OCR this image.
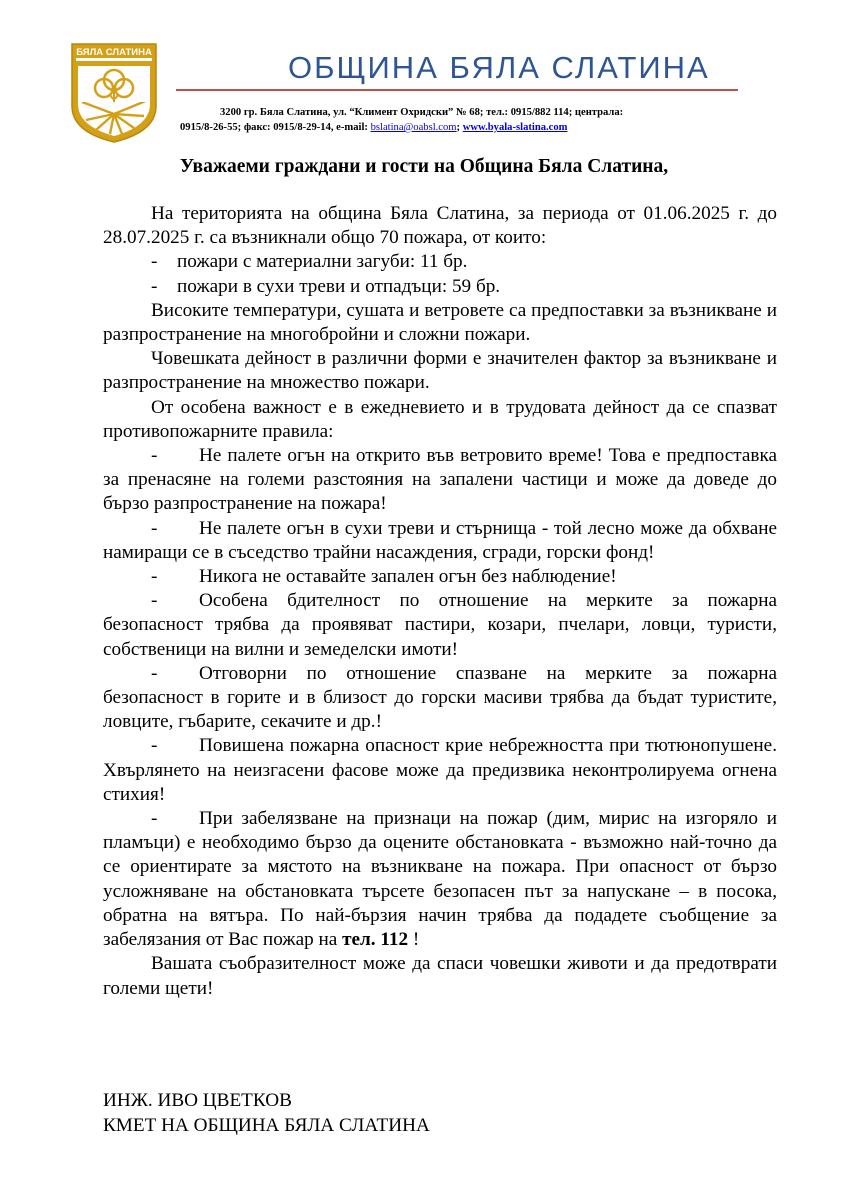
БЯЛА СЛАТИНА	ОБЩИНА БЯЛА СЛАТИНА
3200 гр. Бяла Слатина, ул. “Климент Охридски” № 68; тел.: 0915/882 114; централа:
0915/8-26-55; факс: 0915/8-29-14, e-mail: bslatina@oabsl.com; www.byala-slatina.com
Уважаеми граждани и гости на Община Бяла Слатина,

На територията на община Бяла Слатина, за периода от 01.06.2025 г. до 28.07.2025 г. са възникнали общо 70 пожара, от които:

- пожари с материални загуби: 11 бр.

- пожари в сухи треви и отпадъци: 59 бр.

Високите температури, сушата и ветровете са предпоставки за възникване и разпространение на многобройни и сложни пожари.

Човешката дейност в различни форми е значителен фактор за възникване и разпространение на множество пожари.

От особена важност е в ежедневието и в трудовата дейност да се спазват противопожарните правила:

- Не палете огън на открито във ветровито време! Това е предпоставка за пренасяне на големи разстояния на запалени частици и може да доведе до бързо разпространение на пожара!

- Не палете огън в сухи треви и стърнища - той лесно може да обхване намиращи се в съседство трайни насаждения, сгради, горски фонд!

- Никога не оставайте запален огън без наблюдение!

- Особена бдителност по отношение на мерките за пожарна безопасност трябва да проявяват пастири, козари, пчелари, ловци, туристи, собственици на вилни и земеделски имоти!

- Отговорни по отношение спазване на мерките за пожарна безопасност в горите и в близост до горски масиви трябва да бъдат туристите, ловците, гъбарите, секачите и др.!

- Повишена пожарна опасност крие небрежността при тютюнопушене. Хвърлянето на неизгасени фасове може да предизвика неконтролируема огнена стихия!

- При забелязване на признаци на пожар (дим, мирис на изгоряло и пламъци) е необходимо бързо да оцените обстановката - възможно най-точно да се ориентирате за мястото на възникване на пожара. При опасност от бързо усложняване на обстановката търсете безопасен път за напускане – в посока, обратна на вятъра. По най-бързия начин трябва да подадете съобщение за забелязания от Вас пожар на тел. 112 !

Вашата съобразителност може да спаси човешки животи и да предотврати големи щети!

ИНЖ. ИВО ЦВЕТКОВ
КМЕТ НА ОБЩИНА БЯЛА СЛАТИНА
